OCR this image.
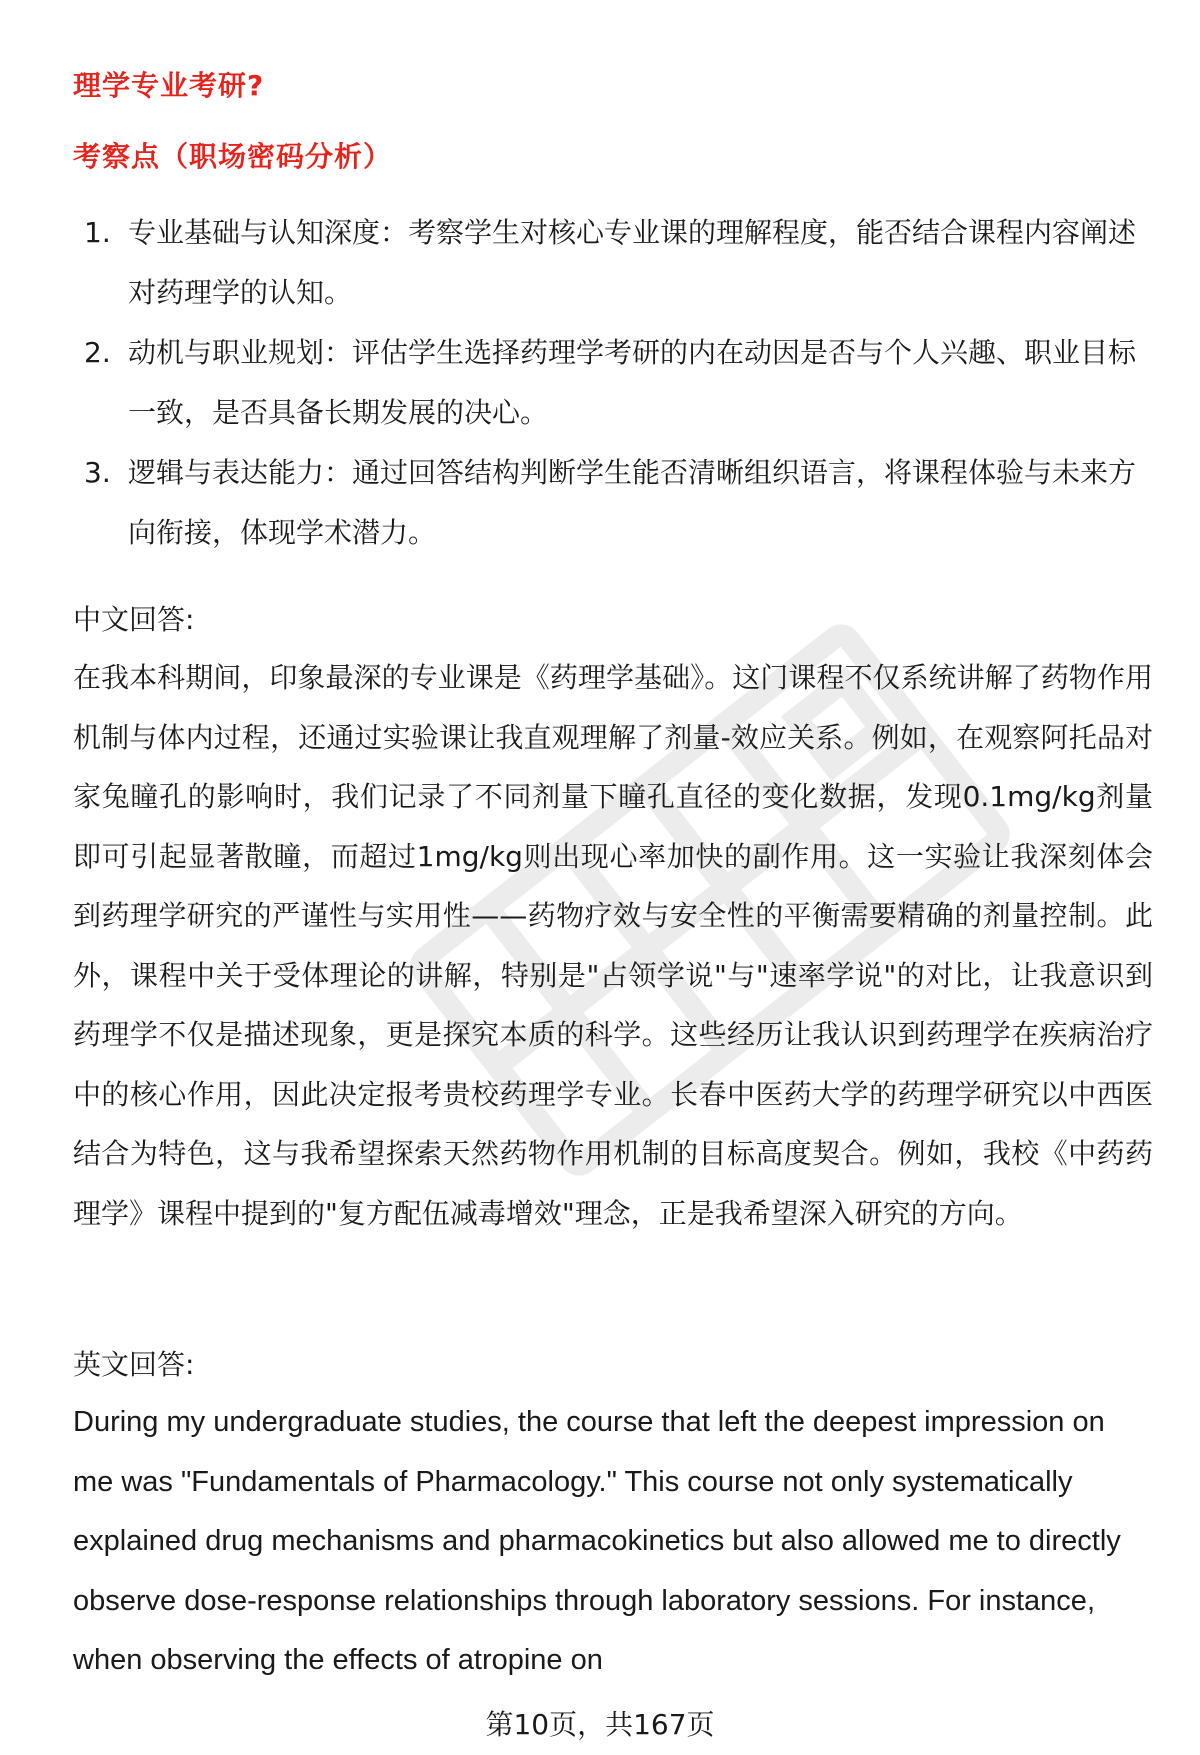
理学专业考研?
考察点（职场密码分析）
1. 专业基础与认知深度：考察学生对核心专业课的理解程度，能否结合课程内容阐述对药理学的认知。
2. 动机与职业规划：评估学生选择药理学考研的内在动因是否与个人兴趣、职业目标一致，是否具备长期发展的决心。
3. 逻辑与表达能力：通过回答结构判断学生能否清晰组织语言，将课程体验与未来方向衔接，体现学术潜力。
中文回答:

在我本科期间，印象最深的专业课是《药理学基础》。这门课程不仅系统讲解了药物作用机制与体内过程，还通过实验课让我直观理解了剂量-效应关系。例如，在观察阿托品对家兔瞳孔的影响时，我们记录了不同剂量下瞳孔直径的变化数据，发现0.1mg/kg剂量即可引起显著散瞳，而超过1mg/kg则出现心率加快的副作用。这一实验让我深刻体会到药理学研究的严谨性与实用性——药物疗效与安全性的平衡需要精确的剂量控制。此外，课程中关于受体理论的讲解，特别是"占领学说"与"速率学说"的对比，让我意识到药理学不仅是描述现象，更是探究本质的科学。这些经历让我认识到药理学在疾病治疗中的核心作用，因此决定报考贵校药理学专业。长春中医药大学的药理学研究以中西医结合为特色，这与我希望探索天然药物作用机制的目标高度契合。例如，我校《中药药理学》课程中提到的"复方配伍减毒增效"理念，正是我希望深入研究的方向。

英文回答:

During my undergraduate studies, the course that left the deepest impression on me was "Fundamentals of Pharmacology." This course not only systematically explained drug mechanisms and pharmacokinetics but also allowed me to directly observe dose-response relationships through laboratory sessions. For instance, when observing the effects of atropine on

第10页，共167页
